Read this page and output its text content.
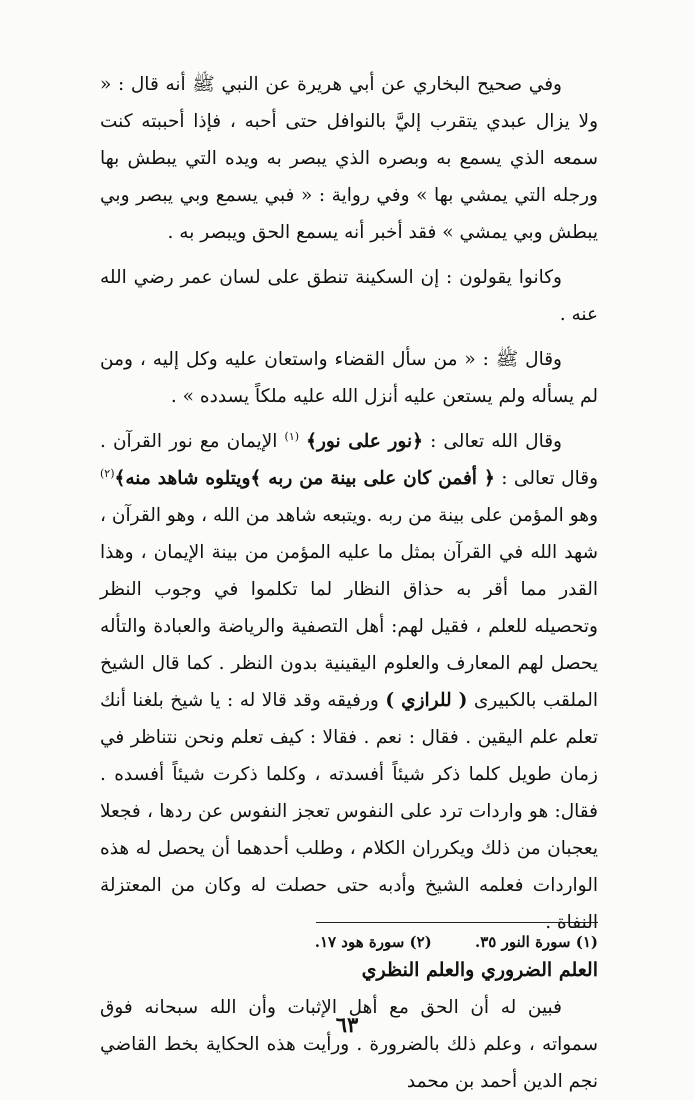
وفي صحيح البخاري عن أبي هريرة عن النبي ﷺ أنه قال : « ولا يزال عبدي يتقرب إليَّ بالنوافل حتى أحبه ، فإذا أحببته كنت سمعه الذي يسمع به وبصره الذي يبصر به ويده التي يبطش بها ورجله التي يمشي بها » وفي رواية : « فبي يسمع وبي يبصر وبي يبطش وبي يمشي » فقد أخبر أنه يسمع الحق ويبصر به .

وكانوا يقولون : إن السكينة تنطق على لسان عمر رضي الله عنه .

وقال ﷺ : « من سأل القضاء واستعان عليه وكل إليه ، ومن لم يسأله ولم يستعن عليه أنزل الله عليه ملكاً يسدده » .

وقال الله تعالى : ﴿نور على نور﴾ $^{(١)}$ الإيمان مع نور القرآن . وقال تعالى : ﴿ أفمن كان على بينة من ربه ﴾ويتلوه شاهد منه﴾$^{(٢)}$ وهو المؤمن على بينة من ربه .ويتبعه شاهد من الله ، وهو القرآن ، شهد الله في القرآن بمثل ما عليه المؤمن من بينة الإيمان ، وهذا القدر مما أقر به حذاق النظار لما تكلموا في وجوب النظر وتحصيله للعلم ، فقيل لهم: أهل التصفية والرياضة والعبادة والتأله يحصل لهم المعارف والعلوم اليقينية بدون النظر . كما قال الشيخ الملقب بالكبيرى ( للرازي ) ورفيقه وقد قالا له : يا شيخ بلغنا أنك تعلم علم اليقين . فقال : نعم . فقالا : كيف تعلم ونحن نتناظر في زمان طويل كلما ذكر شيئاً أفسدته ، وكلما ذكرت شيئاً أفسده . فقال: هو واردات ترد على النفوس تعجز النفوس عن ردها ، فجعلا يعجبان من ذلك ويكرران الكلام ، وطلب أحدهما أن يحصل له هذه الواردات فعلمه الشيخ وأدبه حتى حصلت له وكان من المعتزلة النفاة .

العلم الضروري والعلم النظري

فبين له أن الحق مع أهل الإثبات وأن الله سبحانه فوق سمواته ، وعلم ذلك بالضرورة . ورأيت هذه الحكاية بخط القاضي نجم الدين أحمد بن محمد

(١) سورة النور ٣٥. (٢) سورة هود ١٧.
٦٣
